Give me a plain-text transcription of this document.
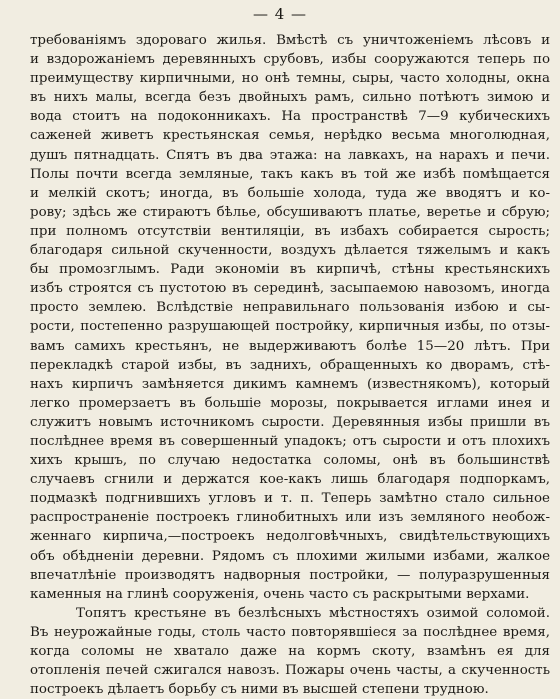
— 4 —
требованіямъ здороваго жилья. Вмѣстѣ съ уничтоженіемъ лѣсовъ и
и вздорожаніемъ деревянныхъ срубовъ, избы сооружаются теперь по
преимуществу кирпичными, но онѣ темны, сыры, часто холодны, окна
въ нихъ малы, всегда безъ двойныхъ рамъ, сильно потѣютъ зимою и
вода стоитъ на подоконникахъ. На пространствѣ 7—9 кубическихъ
саженей живетъ крестьянская семья, нерѣдко весьма многолюдная,
душъ пятнадцать. Спятъ въ два этажа: на лавкахъ, на нарахъ и печи.
Полы почти всегда земляные, такъ какъ въ той же избѣ помѣщается
и мелкій скотъ; иногда, въ большіе холода, туда же вводятъ и ко-
рову; здѣсь же стираютъ бѣлье, обсушиваютъ платье, веретье и сбрую;
при полномъ отсутствіи вентиляціи, въ избахъ собирается сырость;
благодаря сильной скученности, воздухъ дѣлается тяжелымъ и какъ
бы промозглымъ. Ради экономіи въ кирпичѣ, стѣны крестьянскихъ
избъ строятся съ пустотою въ серединѣ, засыпаемою навозомъ, иногда
просто землею. Вслѣдствіе неправильнаго пользованія избою и сы-
рости, постепенно разрушающей постройку, кирпичныя избы, по отзы-
вамъ самихъ крестьянъ, не выдерживаютъ болѣе 15—20 лѣтъ. При
перекладкѣ старой избы, въ заднихъ, обращенныхъ ко дворамъ, стѣ-
нахъ кирпичъ замѣняется дикимъ камнемъ (известнякомъ), который
легко промерзаетъ въ большіе морозы, покрывается иглами инея и
служитъ новымъ источникомъ сырости. Деревянныя избы пришли въ
послѣднее время въ совершенный упадокъ; отъ сырости и отъ плохихъ
хихъ крышъ, по случаю недостатка соломы, онѣ въ большинствѣ
случаевъ сгнили и держатся кое-какъ лишь благодаря подпоркамъ,
подмазкѣ подгнившихъ угловъ и т. п. Теперь замѣтно стало сильное
распространеніе построекъ глинобитныхъ или изъ земляного необож-
женнаго кирпича,—построекъ недолговѣчныхъ, свидѣтельствующихъ
объ обѣдненіи деревни. Рядомъ съ плохими жилыми избами, жалкое
впечатлѣніе производятъ надворныя постройки, — полуразрушенныя
каменныя на глинѣ сооруженія, очень часто съ раскрытыми верхами.
Топятъ крестьяне въ безлѣсныхъ мѣстностяхъ озимой соломой.
Въ неурожайные годы, столь часто повторявшіеся за послѣднее время,
когда соломы не хватало даже на кормъ скоту, взамѣнъ ея для
отопленія печей сжигался навозъ. Пожары очень часты, а скученность
построекъ дѣлаетъ борьбу съ ними въ высшей степени трудною.
